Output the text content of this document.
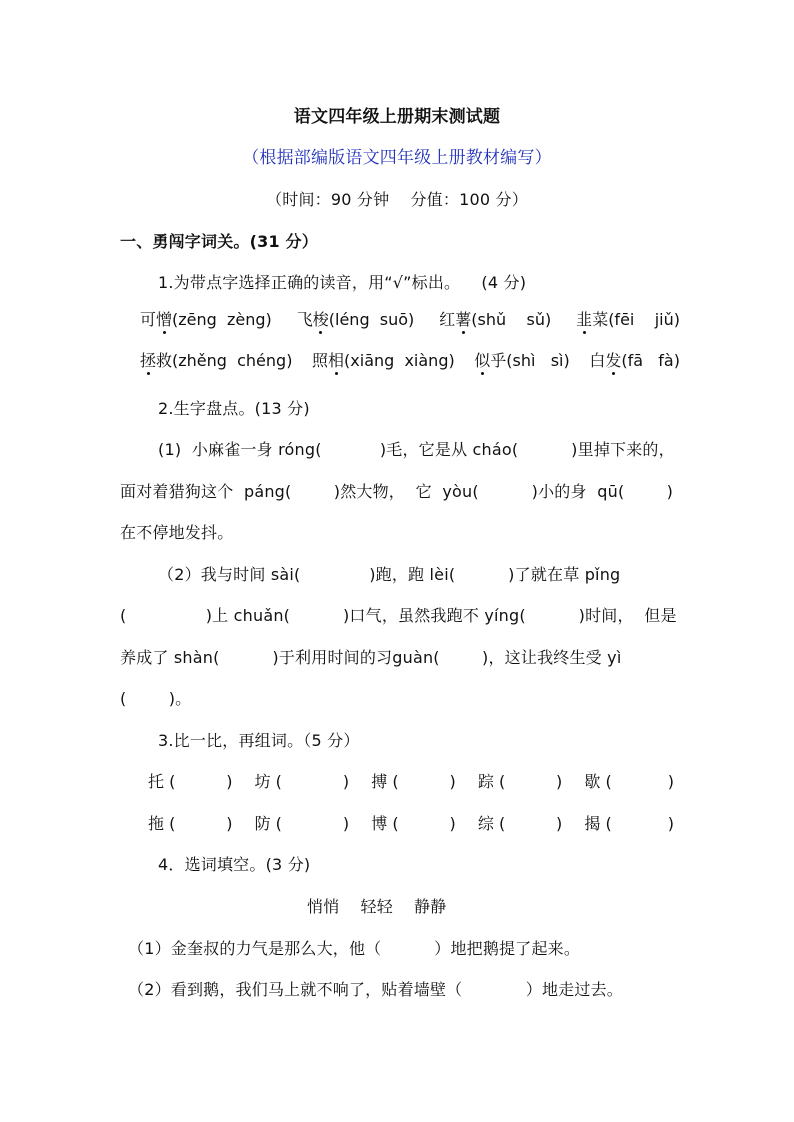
语文四年级上册期末测试题
（根据部编版语文四年级上册教材编写）
（时间：90 分钟    分值：100 分）
一、勇闯字词关。(31 分）
1.为带点字选择正确的读音，用“√”标出。    (4 分)
可憎(zēng  zèng) 飞梭(léng  suō) 红薯(shǔ    sǔ) 韭菜(fēi    jiǔ)
拯救(zhěng  chéng) 照相(xiāng  xiàng) 似乎(shì   sì) 白发(fā   fà)
2.生字盘点。(13 分)
(1)  小麻雀一身 róng(           )毛，它是从 cháo(          )里掉下来的，
面对着猎狗这个  páng(        )然大物，  它  yòu(          )小的身  qū(        )
在不停地发抖。
（2）我与时间 sài(             )跑，跑 lèi(          )了就在草 pǐng
(               )上 chuǎn(          )口气，虽然我跑不 yíng(          )时间，  但是
养成了 shàn(          )于利用时间的习guàn(        )，这让我终生受 yì
(        )。
3.比一比，再组词。（5 分）
托 (          ) 坊 (            ) 搏 (          ) 踪 (          ) 歇 (           )
拖 (          ) 防 (            ) 博 (          ) 综 (          ) 揭 (           )
4．选词填空。(3 分)
悄悄    轻轻    静静
（1）金奎叔的力气是那么大，他（          ）地把鹅提了起来。
（2）看到鹅，我们马上就不响了，贴着墙壁（            ）地走过去。
